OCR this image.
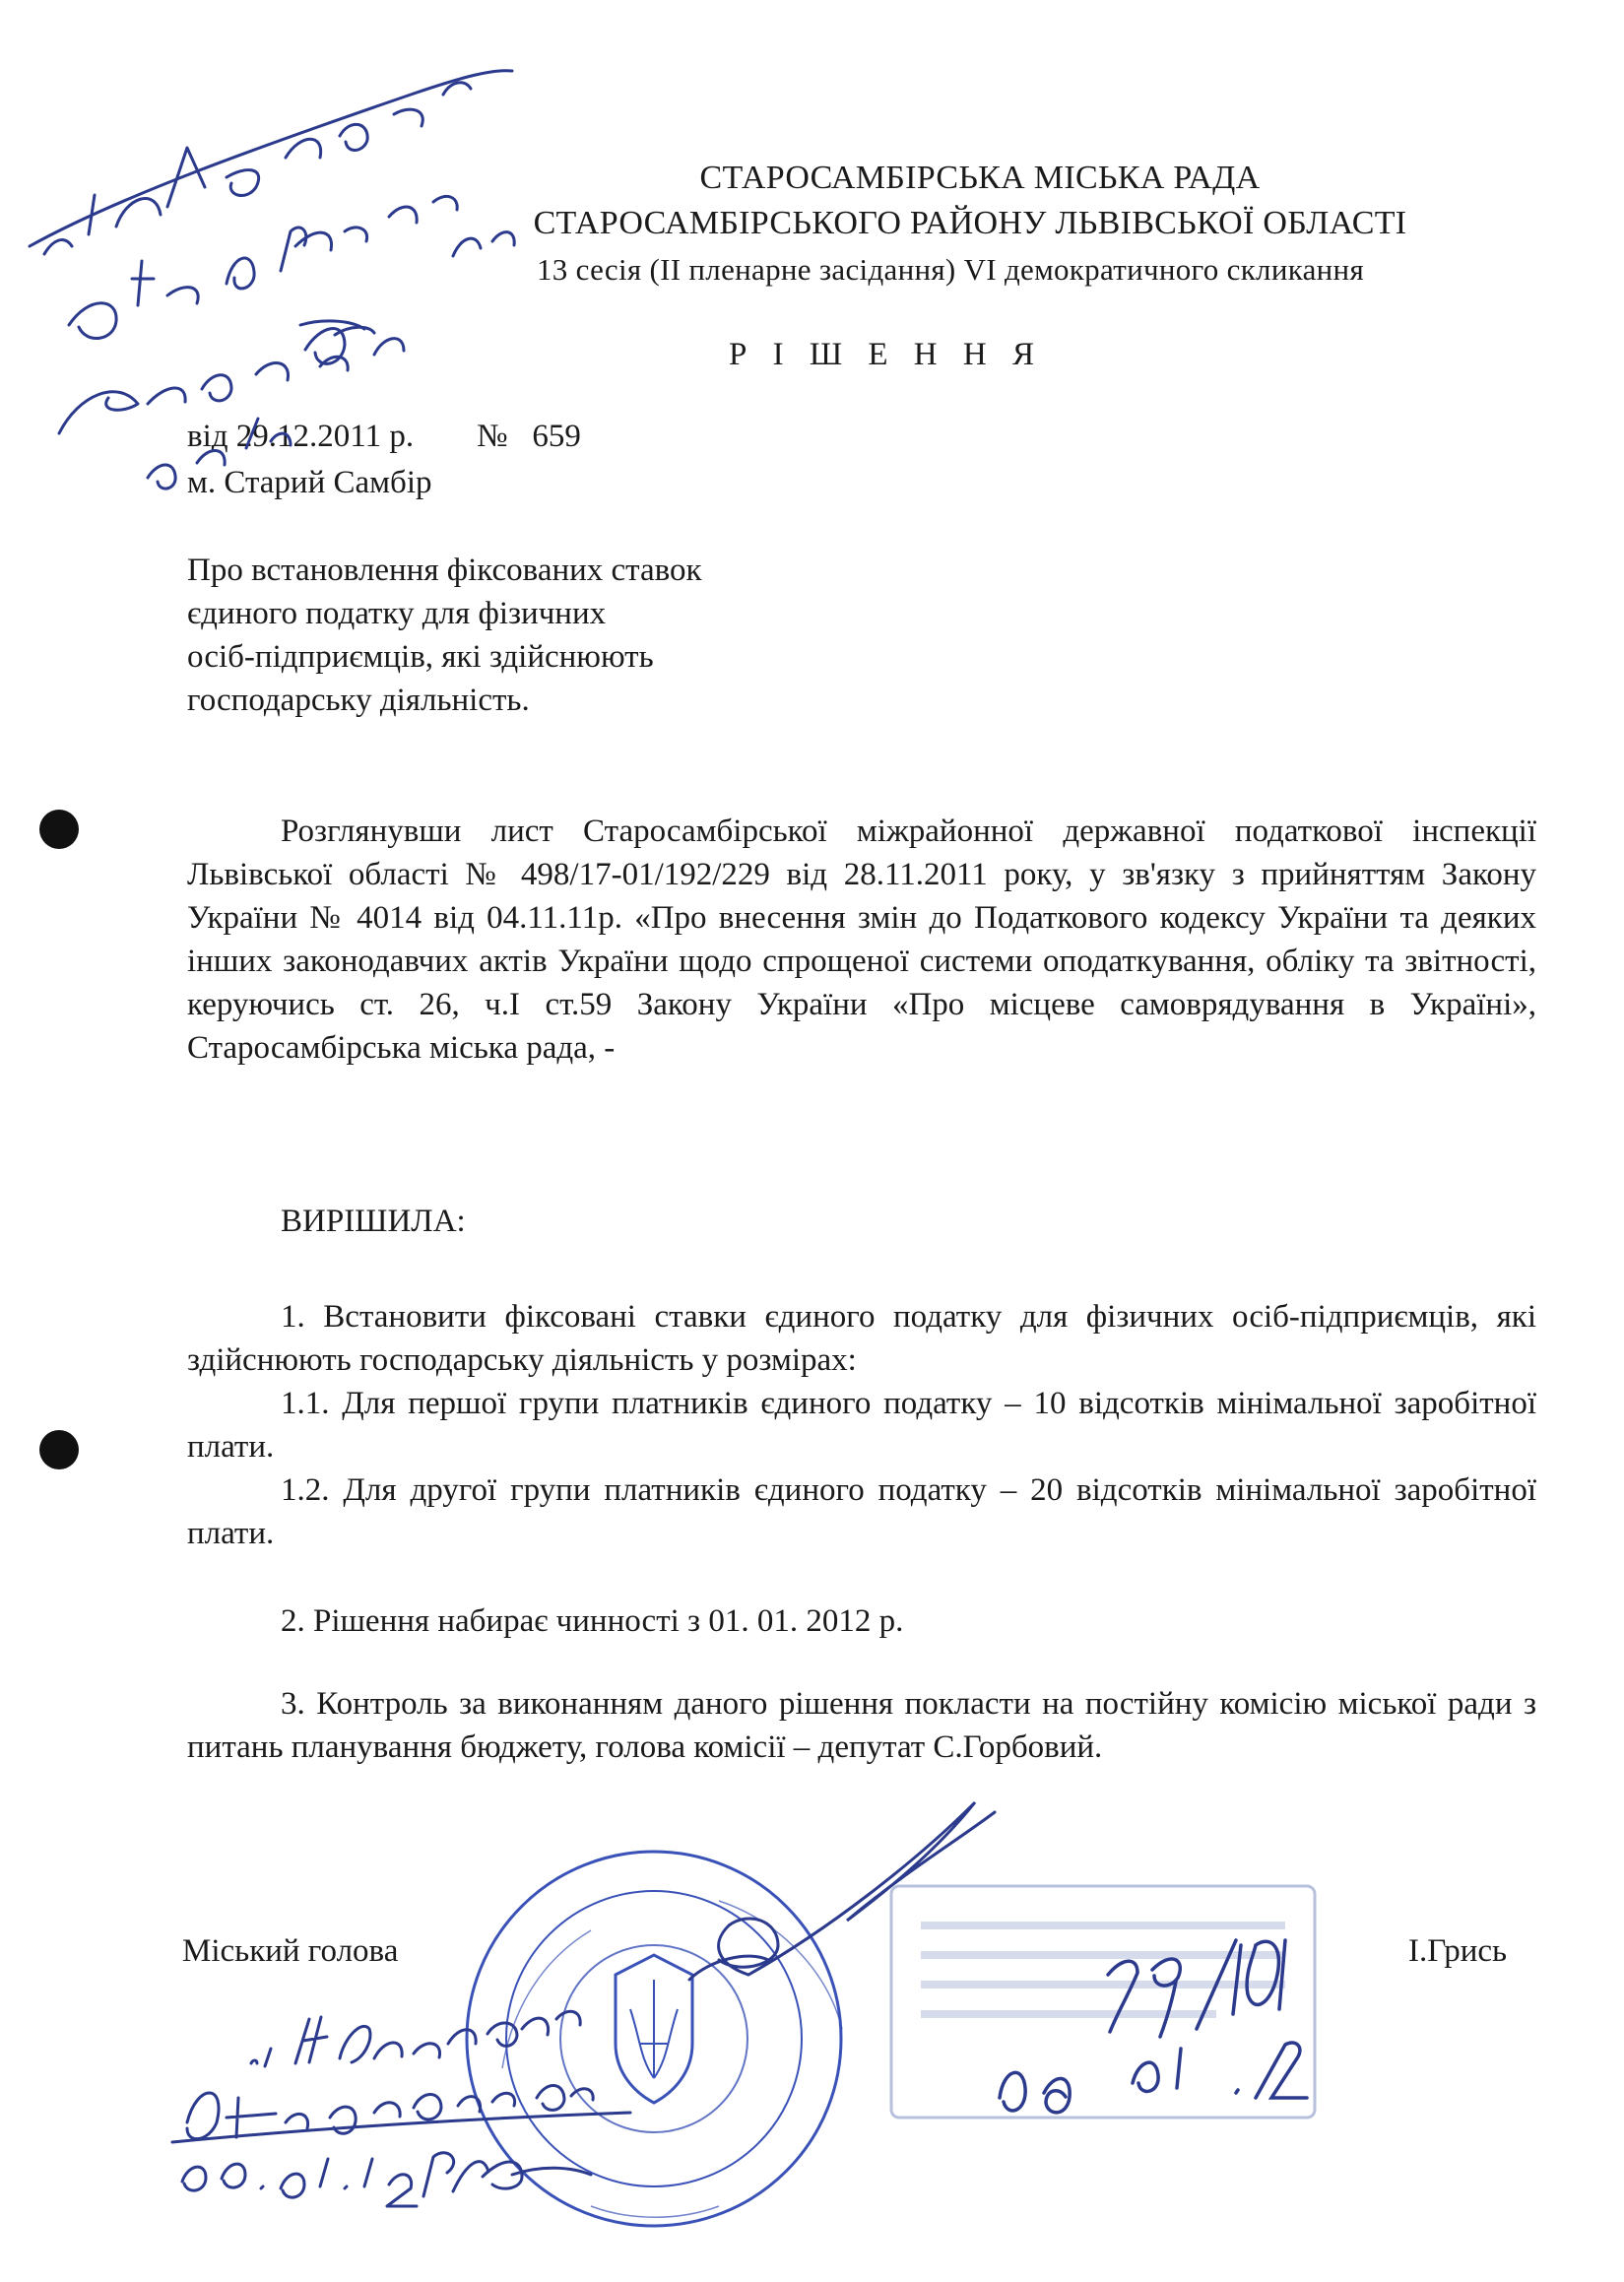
СТАРОСАМБІРСЬКА МІСЬКА РАДА
СТАРОСАМБІРСЬКОГО РАЙОНУ ЛЬВІВСЬКОЇ ОБЛАСТІ
13 сесія (ІІ пленарне засідання) VІ демократичного скликання
Р І Ш Е Н Н Я
від 29.12.2011 р. №   659
м. Старий Самбір
Про встановлення фіксованих ставок
єдиного податку для фізичних
осіб-підприємців, які здійснюють
господарську діяльність.
Розглянувши лист Старосамбірської міжрайонної державної податкової інспекції Львівської області № 498/17-01/192/229 від 28.11.2011 року, у зв'язку з прийняттям Закону України № 4014 від 04.11.11р. «Про внесення змін до Податкового кодексу України та деяких інших законодавчих актів України щодо спрощеної системи оподаткування, обліку та звітності, керуючись ст. 26, ч.І ст.59 Закону України «Про місцеве самоврядування в Україні», Старосамбірська міська рада, -
ВИРІШИЛА:
1. Встановити фіксовані ставки єдиного податку для фізичних осіб-підприємців, які здійснюють господарську діяльність у розмірах:
1.1. Для першої групи платників єдиного податку – 10 відсотків мінімальної заробітної плати.
1.2. Для другої групи платників єдиного податку – 20 відсотків мінімальної заробітної плати.
2. Рішення набирає чинності з 01. 01. 2012 р.
3. Контроль за виконанням даного рішення покласти на постійну комісію міської ради з питань планування бюджету, голова комісії – депутат С.Горбовий.
Міський голова	І.Грись
